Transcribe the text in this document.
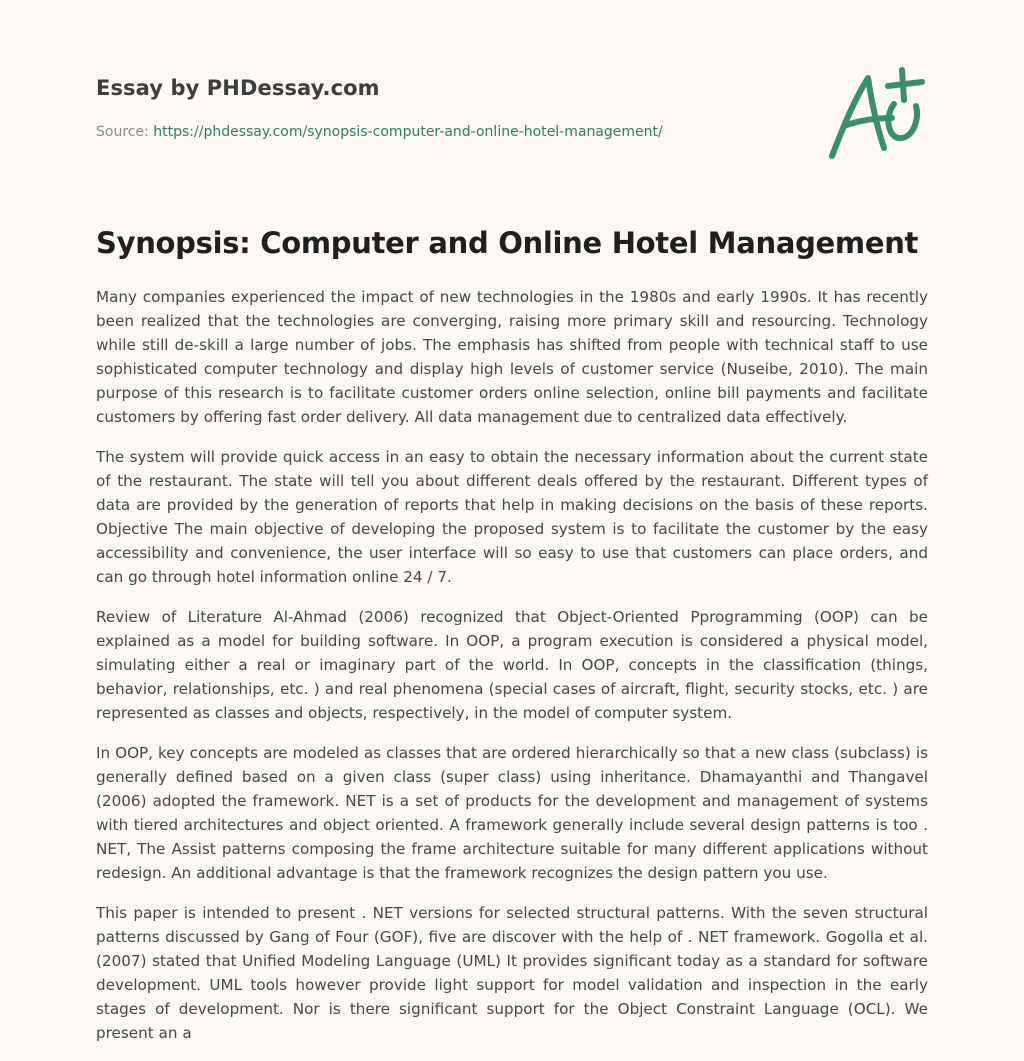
Essay by PHDessay.com
Source: https://phdessay.com/synopsis-computer-and-online-hotel-management/
Synopsis: Computer and Online Hotel Management

Many companies experienced the impact of new technologies in the 1980s and early 1990s. It has recently been realized that the technologies are converging, raising more primary skill and resourcing. Technology while still de-skill a large number of jobs. The emphasis has shifted from people with technical staff to use sophisticated computer technology and display high levels of customer service (Nuseibe, 2010). The main purpose of this research is to facilitate customer orders online selection, online bill payments and facilitate customers by offering fast order delivery. All data management due to centralized data effectively.

The system will provide quick access in an easy to obtain the necessary information about the current state of the restaurant. The state will tell you about different deals offered by the restaurant. Different types of data are provided by the generation of reports that help in making decisions on the basis of these reports. Objective The main objective of developing the proposed system is to facilitate the customer by the easy accessibility and convenience, the user interface will so easy to use that customers can place orders, and can go through hotel information online 24 / 7.

Review of Literature Al-Ahmad (2006) recognized that Object-Oriented Pprogramming (OOP) can be explained as a model for building software. In OOP, a program execution is considered a physical model, simulating either a real or imaginary part of the world. In OOP, concepts in the classification (things, behavior, relationships, etc. ) and real phenomena (special cases of aircraft, flight, security stocks, etc. ) are represented as classes and objects, respectively, in the model of computer system.

In OOP, key concepts are modeled as classes that are ordered hierarchically so that a new class (subclass) is generally defined based on a given class (super class) using inheritance. Dhamayanthi and Thangavel (2006) adopted the framework. NET is a set of products for the development and management of systems with tiered architectures and object oriented. A framework generally include several design patterns is too . NET, The Assist patterns composing the frame architecture suitable for many different applications without redesign. An additional advantage is that the framework recognizes the design pattern you use.

This paper is intended to present . NET versions for selected structural patterns. With the seven structural patterns discussed by Gang of Four (GOF), five are discover with the help of . NET framework. Gogolla et al. (2007) stated that Unified Modeling Language (UML) It provides significant today as a standard for software development. UML tools however provide light support for model validation and inspection in the early stages of development. Nor is there significant support for the Object Constraint Language (OCL). We present an a
